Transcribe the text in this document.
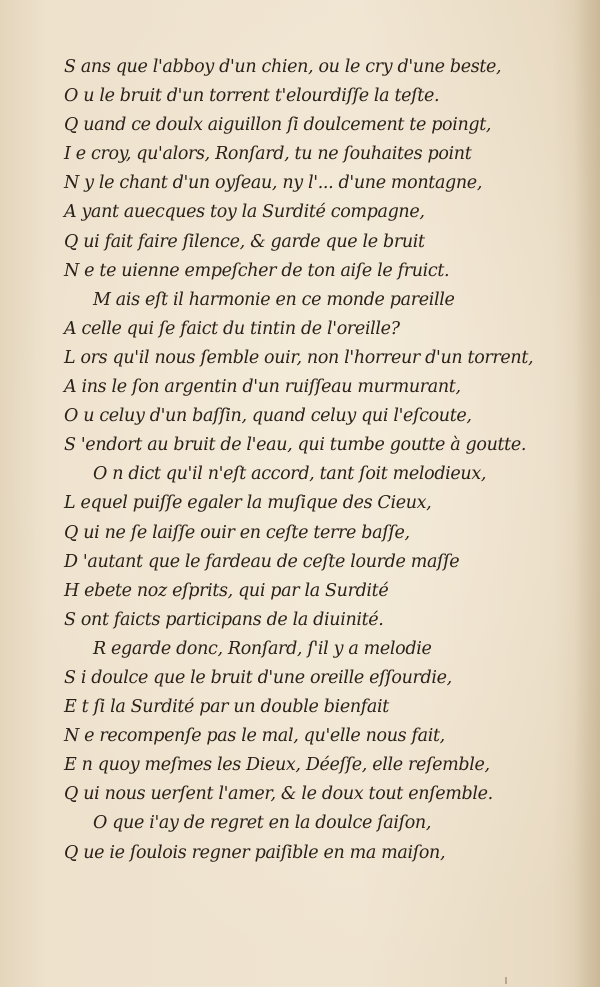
S ans que l'abboy d'un chien, ou le cry d'une beste,
O u le bruit d'un torrent t'elourdiſſe la teſte.
Q uand ce doulx aiguillon ſi doulcement te poingt,
I e croy, qu'alors, Ronſard, tu ne ſouhaites point
N y le chant d'un oyſeau, ny l'... d'une montagne,
A yant auecques toy la Surdité compagne,
Q ui fait faire ſilence, & garde que le bruit
N e te uienne empeſcher de ton aiſe le fruict.
M ais eſt il harmonie en ce monde pareille
A celle qui ſe faict du tintin de l'oreille?
L ors qu'il nous ſemble ouir, non l'horreur d'un torrent,
A ins le ſon argentin d'un ruiſſeau murmurant,
O u celuy d'un baſſin, quand celuy qui l'eſcoute,
S 'endort au bruit de l'eau, qui tumbe goutte à goutte.
O n dict qu'il n'eſt accord, tant ſoit melodieux,
L equel puiſſe egaler la muſique des Cieux,
Q ui ne ſe laiſſe ouir en ceſte terre baſſe,
D 'autant que le fardeau de ceſte lourde maſſe
H ebete noz eſprits, qui par la Surdité
S ont faicts participans de la diuinité.
R egarde donc, Ronſard, ſ'il y a melodie
S i doulce que le bruit d'une oreille eſſourdie,
E t ſi la Surdité par un double bienfait
N e recompenſe pas le mal, qu'elle nous fait,
E n quoy meſmes les Dieux, Déeſſe, elle reſemble,
Q ui nous uerſent l'amer, & le doux tout enſemble.
O que i'ay de regret en la doulce ſaiſon,
Q ue ie ſoulois regner paiſible en ma maiſon,
